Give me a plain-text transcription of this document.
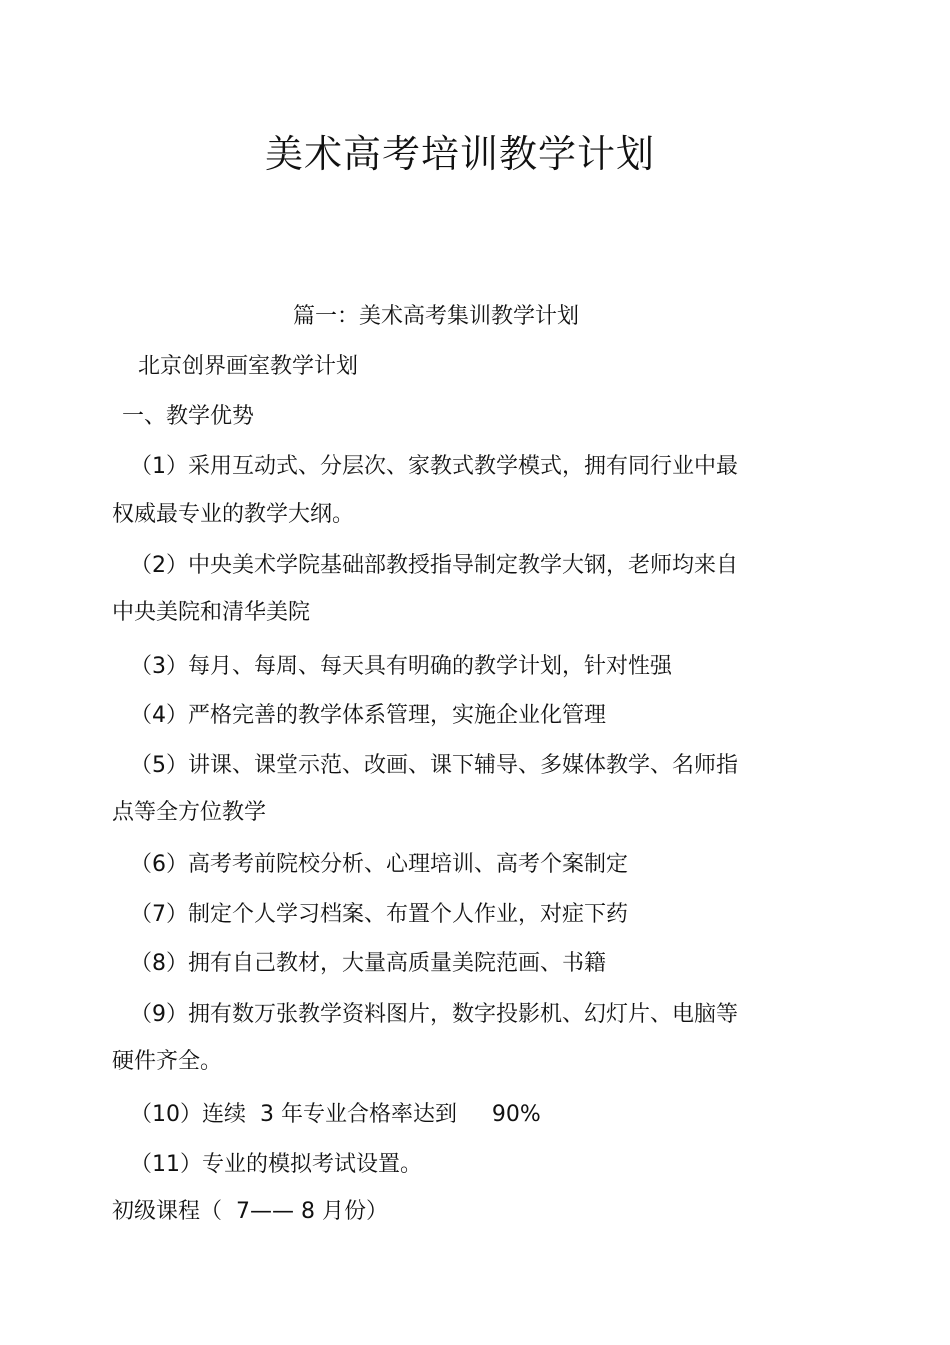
美术高考培训教学计划
篇一：美术高考集训教学计划
北京创界画室教学计划
一、教学优势
（1）采用互动式、分层次、家教式教学模式，拥有同行业中最
权威最专业的教学大纲。
（2）中央美术学院基础部教授指导制定教学大钢，老师均来自
中央美院和清华美院
（3）每月、每周、每天具有明确的教学计划，针对性强
（4）严格完善的教学体系管理，实施企业化管理
（5）讲课、课堂示范、改画、课下辅导、多媒体教学、名师指
点等全方位教学
（6）高考考前院校分析、心理培训、高考个案制定
（7）制定个人学习档案、布置个人作业，对症下药
（8）拥有自己教材，大量高质量美院范画、书籍
（9）拥有数万张教学资料图片，数字投影机、幻灯片、电脑等
硬件齐全。
（10）连续  3 年专业合格率达到     90%
（11）专业的模拟考试设置。
初级课程（  7—— 8 月份）
